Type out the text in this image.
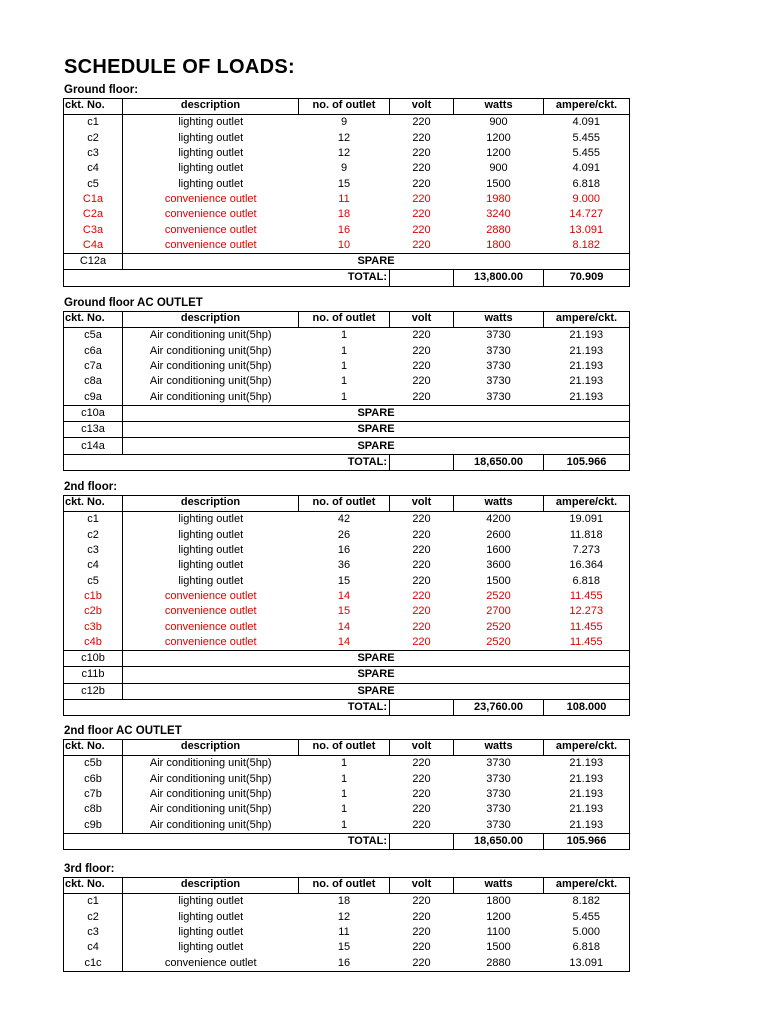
SCHEDULE OF LOADS:
Ground floor:
ckt. No.	description	no. of outlet	volt	watts	ampere/ckt.
c1	lighting outlet	9	220	900	4.091
c2	lighting outlet	12	220	1200	5.455
c3	lighting outlet	12	220	1200	5.455
c4	lighting outlet	9	220	900	4.091
c5	lighting outlet	15	220	1500	6.818
C1a	convenience outlet	11	220	1980	9.000
C2a	convenience outlet	18	220	3240	14.727
C3a	convenience outlet	16	220	2880	13.091
C4a	convenience outlet	10	220	1800	8.182
C12a	SPARE				
		TOTAL:		13,800.00	70.909
Ground floor AC OUTLET
ckt. No.	description	no. of outlet	volt	watts	ampere/ckt.
c5a	Air conditioning unit(5hp)	1	220	3730	21.193
c6a	Air conditioning unit(5hp)	1	220	3730	21.193
c7a	Air conditioning unit(5hp)	1	220	3730	21.193
c8a	Air conditioning unit(5hp)	1	220	3730	21.193
c9a	Air conditioning unit(5hp)	1	220	3730	21.193
c10a	SPARE				
c13a	SPARE				
c14a	SPARE				
		TOTAL:		18,650.00	105.966
2nd floor:
ckt. No.	description	no. of outlet	volt	watts	ampere/ckt.
c1	lighting outlet	42	220	4200	19.091
c2	lighting outlet	26	220	2600	11.818
c3	lighting outlet	16	220	1600	7.273
c4	lighting outlet	36	220	3600	16.364
c5	lighting outlet	15	220	1500	6.818
c1b	convenience outlet	14	220	2520	11.455
c2b	convenience outlet	15	220	2700	12.273
c3b	convenience outlet	14	220	2520	11.455
c4b	convenience outlet	14	220	2520	11.455
c10b	SPARE				
c11b	SPARE				
c12b	SPARE				
		TOTAL:		23,760.00	108.000
2nd floor AC OUTLET
ckt. No.	description	no. of outlet	volt	watts	ampere/ckt.
c5b	Air conditioning unit(5hp)	1	220	3730	21.193
c6b	Air conditioning unit(5hp)	1	220	3730	21.193
c7b	Air conditioning unit(5hp)	1	220	3730	21.193
c8b	Air conditioning unit(5hp)	1	220	3730	21.193
c9b	Air conditioning unit(5hp)	1	220	3730	21.193
		TOTAL:		18,650.00	105.966
3rd floor:
ckt. No.	description	no. of outlet	volt	watts	ampere/ckt.
c1	lighting outlet	18	220	1800	8.182
c2	lighting outlet	12	220	1200	5.455
c3	lighting outlet	11	220	1100	5.000
c4	lighting outlet	15	220	1500	6.818
c1c	convenience outlet	16	220	2880	13.091
